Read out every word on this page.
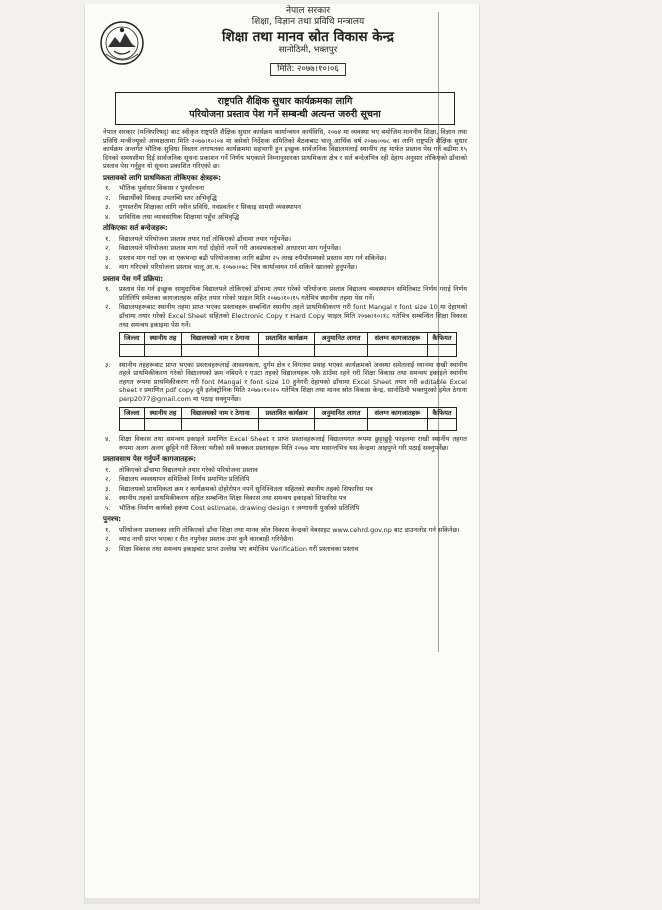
नेपाल सरकार
शिक्षा, विज्ञान तथा प्रविधि मन्त्रालय
शिक्षा तथा मानव स्रोत विकास केन्द्र
सानोठिमी, भक्तपुर
मिति: २०७७।१०।०६
राष्ट्रपति शैक्षिक सुधार कार्यक्रमका लागि
परियोजना प्रस्ताव पेश गर्ने सम्बन्धी अत्यन्त जरुरी सूचना

नेपाल सरकार (मन्त्रिपरिषद्) बाट स्वीकृत राष्ट्रपति शैक्षिक सुधार कार्यक्रम कार्यान्वयन कार्यविधि, २०७४ मा व्यवस्था भए बमोजिम माननीय शिक्षा, विज्ञान तथा प्रविधि मन्त्रीज्यूको अध्यक्षतामा मिति २०७७।१०।०४ मा बसेको निर्देशक समितिको बैठकबाट चालू आर्थिक वर्ष २०७७।०७८ का लागि राष्ट्रपति शैक्षिक सुधार कार्यक्रम अन्तर्गत भौतिक सुविधा विस्तार लगायतका कार्यक्रममा सहभागी हुन इच्छुक सार्वजनिक विद्यालयलाई स्थानीय तह मार्फत प्रस्ताव पेस गर्न बढीमा १५ दिनको समयसीमा दिई सार्वजनिक सूचना प्रकाशन गर्ने निर्णय भएकाले निम्नानुसारका प्राथमिकता क्षेत्र र सर्त बन्देजभित्र रही देहाय अनुसार तोकिएको ढाँचाको प्रस्ताव पेस गर्नुहुन यो सूचना प्रकाशित गरिएको छ।

प्रस्तावको लागि प्राथमिकता तोकिएका क्षेत्रहरू:
१.	भौतिक पूर्वाधार विकास र पुनर्संरचना
२.	विद्यार्थीको सिकाइ उपलब्धि स्तर अभिवृद्धि
३.	गुणस्तरीय शिक्षाका लागि नवीन प्रविधि, नवप्रवर्तन र सिकाइ सामग्री व्यवस्थापन
४.	प्राविधिक तथा व्यावसायिक शिक्षामा पहुँच अभिवृद्धि
तोकिएका सर्त बन्देजहरू:
१.	विद्यालयले परियोजना प्रस्ताव तयार गर्दा तोकिएको ढाँचामा तयार गर्नुपर्नेछ।
२.	विद्यालयले परियोजना प्रस्ताव माग गर्दा दोहोरो नपर्ने गरी आवश्यकताको आधारमा माग गर्नुपर्नेछ।
३.	प्रस्ताव माग गर्दा एक वा एकभन्दा बढी परियोजनाका लागि बढीमा २५ लाख रुपैयाँसम्मको प्रस्ताव माग गर्न सकिनेछ।
४.	माग गरिएको परियोजना प्रस्ताव चालू आ.व. २०७७।०७८ भित्र कार्यान्वयन गर्न सकिने खालको हुनुपर्नेछ।
प्रस्ताव पेस गर्ने प्रक्रिया:
१.	प्रस्ताव पेस गर्न इच्छुक सामुदायिक विद्यालयले तोकिएको ढाँचामा तयार गरेको परियोजना प्रस्ताव विद्यालय व्यवस्थापन समितिबाट निर्णय गराई निर्णय प्रतिलिपि समेतका कागजातहरू सहित तयार गरेको फाइल मिति २०७७।१०।१५ गतेभित्र स्थानीय तहमा पेस गर्ने।
२.	विद्यालयहरूबाट स्थानीय तहमा प्राप्त भएका प्रस्तावहरू सम्बन्धित स्थानीय तहले प्राथमिकीकरण गरी font Mangal र font size 10 मा देहायको ढाँचामा तयार गरेको Excel Sheet सहितको Electronic Copy र Hard Copy फाइल मिति २०७७।१०।१८ गतेभित्र सम्बन्धित शिक्षा विकास तथा समन्वय इकाइमा पेस गर्ने।
जिल्ला	स्थानीय तह	विद्यालयको नाम र ठेगाना	प्रस्तावित कार्यक्रम	अनुमानित लागत	संलग्न कागजातहरू	कैफियत

३.	स्थानीय तहहरूबाट प्राप्त भएका प्रस्तावहरूलाई आवश्यकता, दुर्गम क्षेत्र र विगतमा प्रवाह भएका कार्यक्रमको अवस्था समेतलाई ध्यानमा राखी स्थानीय तहले प्राथमिकीकरण गरेको विद्यालयको क्रम नबिग्रने र एउटा तहको विद्यालयहरू एकै ठाउँमा रहने गरी शिक्षा विकास तथा समन्वय इकाइले स्थानीय तहगत रूपमा प्राथमिकीकरण गरी font Mangal र font size 10 हुनेगरी देहायको ढाँचामा Excel Sheet तयार गरी editable Excel sheet र प्रमाणित pdf copy दुवै इलेक्ट्रोनिक मिति २०७७।१०।२० गतेभित्र शिक्षा तथा मानव स्रोत विकास केन्द्र, सानोठिमी भक्तपुरको इमेल ठेगाना perp2077@gmail.com मा पठाइ सक्नुपर्नेछ।
जिल्ला	स्थानीय तह	विद्यालयको नाम र ठेगाना	प्रस्तावित कार्यक्रम	अनुमानित लागत	संलग्न कागजातहरू	कैफियत

४.	शिक्षा विकास तथा समन्वय इकाइले प्रमाणित Excel Sheet र प्राप्त प्रस्तावहरूलाई विद्यालयगत रूपमा छुट्टाछुट्टै फाइलमा राखी स्थानीय तहगत रूपमा अलग अलग छुट्टिने गरी जिल्ला भरीको सबै सक्कल प्रस्तावहरू मिति २०७७ माघ मसान्तभित्र यस केन्द्रमा आइपुग्ने गरी पठाई सक्नुपर्नेछ।
प्रस्तावसाथ पेस गर्नुपर्ने कागजातहरू:
१.	तोकिएको ढाँचामा विद्यालयले तयार गरेको परियोजना प्रस्ताव
२.	विद्यालय व्यवस्थापन समितिको निर्णय प्रमाणित प्रतिलिपि
३.	विद्यालयको प्राथमिकता क्रम र कार्यक्रमको दोहोरोपन नपर्ने सुनिश्चितता सहितको स्थानीय तहको सिफारिस पत्र
४.	स्थानीय तहको प्राथमिकीकरण सहित सम्बन्धित शिक्षा विकास तथा समन्वय इकाइको सिफारिस पत्र
५.	भौतिक निर्माण कार्यको हकमा Cost estimate, drawing design र जग्गाधनी पुर्जाको प्रतिलिपि
पुनश्च:
१.	परियोजना प्रस्तावका लागि तोकिएको ढाँचा शिक्षा तथा मानव स्रोत विकास केन्द्रको वेबसाइट www.cehrd.gov.np बाट डाउनलोड गर्न सकिनेछ।
२.	म्याद नाघी प्राप्त भएका र रीत नपुगेका प्रस्ताव उपर कुनै कारबाही गरिनेछैन।
३.	शिक्षा विकास तथा समन्वय इकाइबाट प्राप्त उल्लेख भए बमोजिम Verification गरी प्रस्तावका प्रस्ताव
